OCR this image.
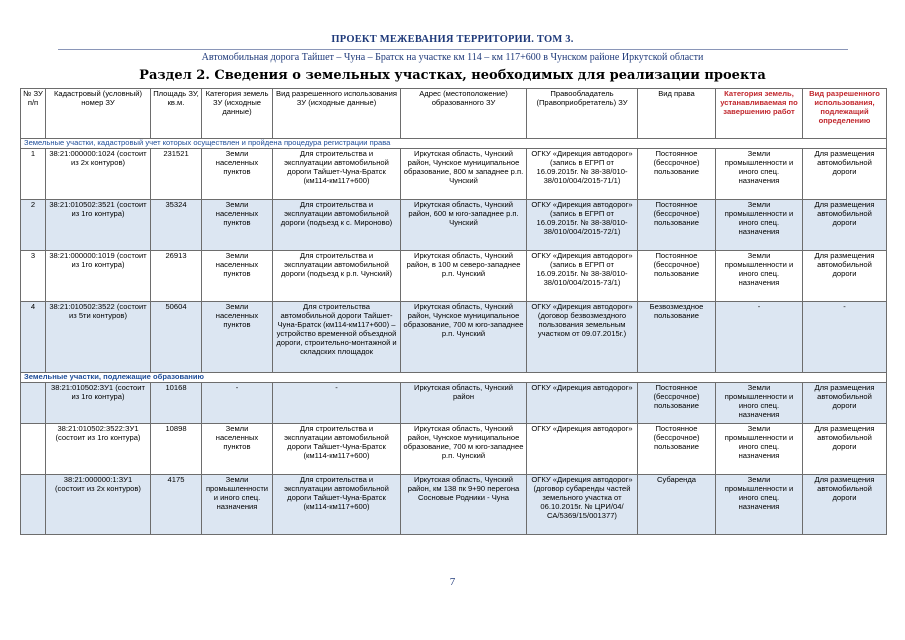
ПРОЕКТ МЕЖЕВАНИЯ ТЕРРИТОРИИ. ТОМ 3.
Автомобильная дорога Тайшет – Чуна – Братск на участке км 114 – км 117+600 в Чунском районе Иркутской области
Раздел 2. Сведения о земельных участках, необходимых для реализации проекта
№ ЗУ п/п	Кадастровый (условный) номер ЗУ	Площадь ЗУ, кв.м.	Категория земель ЗУ (исходные данные)	Вид разрешенного использования ЗУ (исходные данные)	Адрес (местоположение) образованного ЗУ	Правообладатель (Правоприобретатель) ЗУ	Вид права	Категория земель, устанавливаемая по завершению работ	Вид разрешенного использования, подлежащий определению
Земельные участки, кадастровый учет которых осуществлен и пройдена процедура регистрации права									
1	38:21:000000:1024 (состоит из 2х контуров)	231521	Земли населенных пунктов	Для строительства и эксплуатации автомобильной дороги Тайшет-Чуна-Братск (км114-км117+600)	Иркутская область, Чунский район, Чунское муниципальное образование, 800 м западнее р.п. Чунский	ОГКУ «Дирекция автодорог» (запись в ЕГРП от 16.09.2015г. № 38-38/010-38/010/004/2015-71/1)	Постоянное (бессрочное) пользование	Земли промышленности и иного спец. назначения	Для размещения автомобильной дороги
2	38:21:010502:3521 (состоит из 1го контура)	35324	Земли населенных пунктов	Для строительства и эксплуатации автомобильной дороги (подъезд к с. Мироново)	Иркутская область, Чунский район, 600 м юго-западнее р.п. Чунский	ОГКУ «Дирекция автодорог» (запись в ЕГРП от 16.09.2015г. № 38-38/010-38/010/004/2015-72/1)	Постоянное (бессрочное) пользование	Земли промышленности и иного спец. назначения	Для размещения автомобильной дороги
3	38:21:000000:1019 (состоит из 1го контура)	26913	Земли населенных пунктов	Для строительства и эксплуатации автомобильной дороги (подъезд к р.п. Чунский)	Иркутская область, Чунский район, в 100 м северо-западнее р.п. Чунский	ОГКУ «Дирекция автодорог» (запись в ЕГРП от 16.09.2015г. № 38-38/010-38/010/004/2015-73/1)	Постоянное (бессрочное) пользование	Земли промышленности и иного спец. назначения	Для размещения автомобильной дороги
4	38:21:010502:3522 (состоит из 5ти контуров)	50604	Земли населенных пунктов	Для строительства автомобильной дороги Тайшет-Чуна-Братск (км114-км117+600) – устройство временной объездной дороги, строительно-монтажной и складских площадок	Иркутская область, Чунский район, Чунское муниципальное образование, 700 м юго-западнее р.п. Чунский	ОГКУ «Дирекция автодорог» (договор безвозмездного пользования земельным участком от 09.07.2015г.)	Безвозмездное пользование	-	-
Земельные участки, подлежащие образованию									
	38:21:010502:ЗУ1 (состоит из 1го контура)	10168	-	-	Иркутская область, Чунский район	ОГКУ «Дирекция автодорог»	Постоянное (бессрочное) пользование	Земли промышленности и иного спец. назначения	Для размещения автомобильной дороги
	38:21:010502:3522:ЗУ1 (состоит из 1го контура)	10898	Земли населенных пунктов	Для строительства и эксплуатации автомобильной дороги Тайшет-Чуна-Братск (км114-км117+600)	Иркутская область, Чунский район, Чунское муниципальное образование, 700 м юго-западнее р.п. Чунский	ОГКУ «Дирекция автодорог»	Постоянное (бессрочное) пользование	Земли промышленности и иного спец. назначения	Для размещения автомобильной дороги
	38:21:000000:1:ЗУ1 (состоит из 2х контуров)	4175	Земли промышленности и иного спец. назначения	Для строительства и эксплуатации автомобильной дороги Тайшет-Чуна-Братск (км114-км117+600)	Иркутская область, Чунский район, км 138 пк 9+90 перегона Сосновые Родники - Чуна	ОГКУ «Дирекция автодорог» (договор субаренды частей земельного участка от 06.10.2015г. № ЦРИ/04/СА/5369/15/001377)	Субаренда	Земли промышленности и иного спец. назначения	Для размещения автомобильной дороги
7
